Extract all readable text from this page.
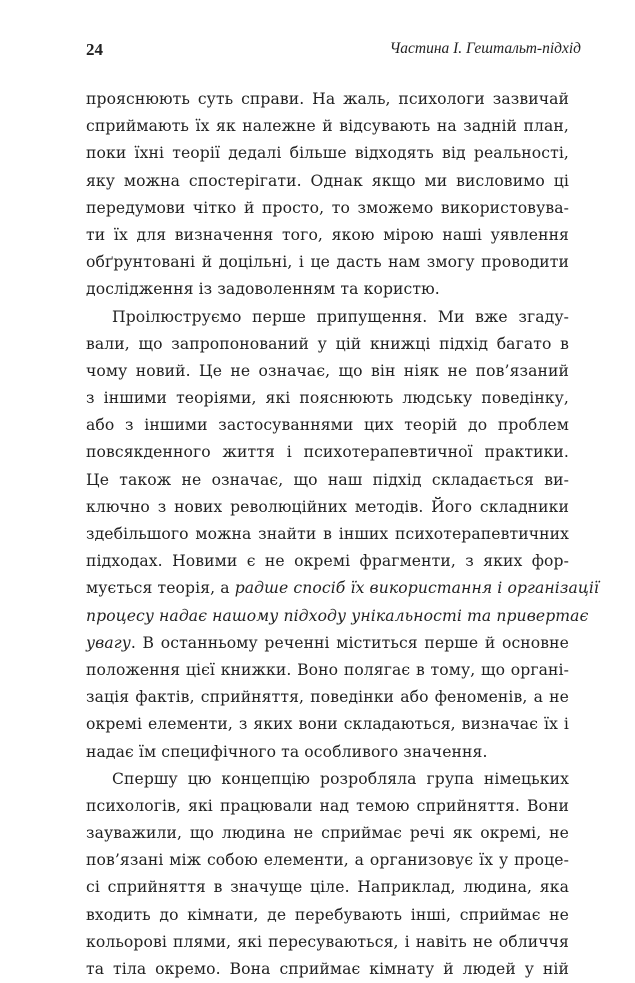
24	Частина І. Гештальт-підхід
прояснюють суть справи. На жаль, психологи зазвичай
сприймають їх як належне й відсувають на задній план,
поки їхні теорії дедалі більше відходять від реальності,
яку можна спостерігати. Однак якщо ми висловимо ці
передумови чітко й просто, то зможемо використовува-
ти їх для визначення того, якою мірою наші уявлення
обґрунтовані й доцільні, і це дасть нам змогу проводити
дослідження із задоволенням та користю.
Проілюструємо перше припущення. Ми вже згаду-
вали, що запропонований у цій книжці підхід багато в
чому новий. Це не означає, що він ніяк не пов’язаний
з іншими теоріями, які пояснюють людську поведінку,
або з іншими застосуваннями цих теорій до проблем
повсякденного життя і психотерапевтичної практики.
Це також не означає, що наш підхід складається ви-
ключно з нових революційних методів. Його складники
здебільшого можна знайти в інших психотерапевтичних
підходах. Новими є не окремі фрагменти, з яких фор-
мується теорія, а радше спосіб їх використання і організації
процесу надає нашому підходу унікальності та привертає
увагу. В останньому реченні міститься перше й основне
положення цієї книжки. Воно полягає в тому, що органі-
зація фактів, сприйняття, поведінки або феноменів, а не
окремі елементи, з яких вони складаються, визначає їх і
надає їм специфічного та особливого значення.
Спершу цю концепцію розробляла група німецьких
психологів, які працювали над темою сприйняття. Вони
зауважили, що людина не сприймає речі як окремі, не
пов’язані між собою елементи, а организовує їх у проце-
сі сприйняття в значуще ціле. Наприклад, людина, яка
входить до кімнати, де перебувають інші, сприймає не
кольорові плями, які пересуваються, і навіть не обличчя
та тіла окремо. Вона сприймає кімнату й людей у ній
